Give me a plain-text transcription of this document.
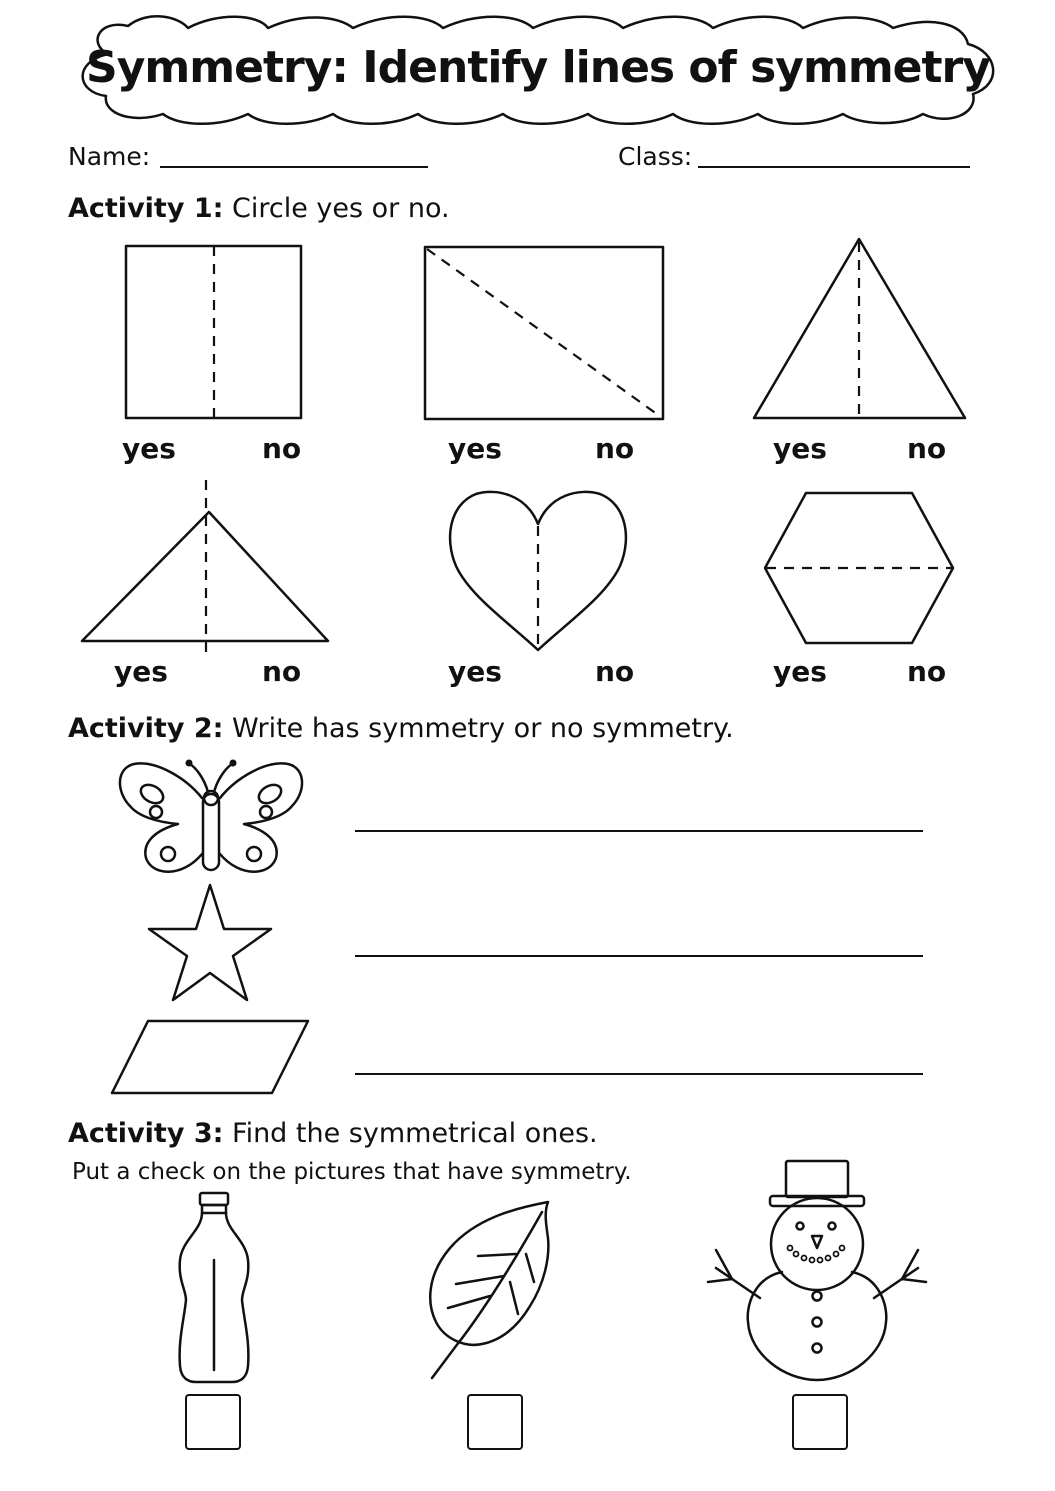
Symmetry: Identify lines of symmetry
Name:	Class:
Activity 1: Circle yes or no.
yes	no	yes	no	yes	no
yes	no	yes	no	yes	no
Activity 2: Write has symmetry or no symmetry.
Activity 3: Find the symmetrical ones.
Put a check on the pictures that have symmetry.
